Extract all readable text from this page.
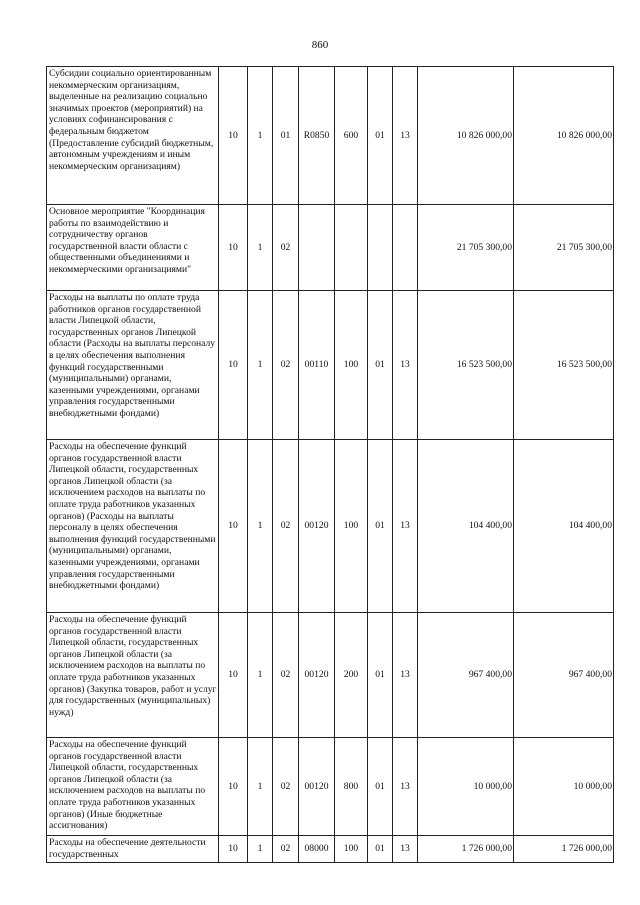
860
Субсидии социально ориентированным некоммерческим организациям, выделенные на реализацию социально значимых проектов (мероприятий) на условиях софинансирования с федеральным бюджетом (Предоставление субсидий бюджетным, автономным учреждениям и иным некоммерческим организациям)	10	1	01	R0850	600	01	13	10 826 000,00	10 826 000,00
Основное мероприятие "Координация работы по взаимодействию и сотрудничеству органов государственной власти области с общественными объединениями и некоммерческими организациями"	10	1	02					21 705 300,00	21 705 300,00
Расходы на выплаты по оплате труда работников органов государственной власти Липецкой области, государственных органов Липецкой области (Расходы на выплаты персоналу в целях обеспечения выполнения функций государственными (муниципальными) органами, казенными учреждениями, органами управления государственными внебюджетными фондами)	10	1	02	00110	100	01	13	16 523 500,00	16 523 500,00
Расходы на обеспечение функций органов государственной власти Липецкой области, государственных органов Липецкой области (за исключением расходов на выплаты по оплате труда работников указанных органов) (Расходы на выплаты персоналу в целях обеспечения выполнения функций государственными (муниципальными) органами, казенными учреждениями, органами управления государственными внебюджетными фондами)	10	1	02	00120	100	01	13	104 400,00	104 400,00
Расходы на обеспечение функций органов государственной власти Липецкой области, государственных органов Липецкой области (за исключением расходов на выплаты по оплате труда работников указанных органов) (Закупка товаров, работ и услуг для государственных (муниципальных) нужд)	10	1	02	00120	200	01	13	967 400,00	967 400,00
Расходы на обеспечение функций органов государственной власти Липецкой области, государственных органов Липецкой области (за исключением расходов на выплаты по оплате труда работников указанных органов) (Иные бюджетные ассигнования)	10	1	02	00120	800	01	13	10 000,00	10 000,00

Расходы на обеспечение деятельности государственных	10	1	02	08000	100	01	13	1 726 000,00	1 726 000,00
